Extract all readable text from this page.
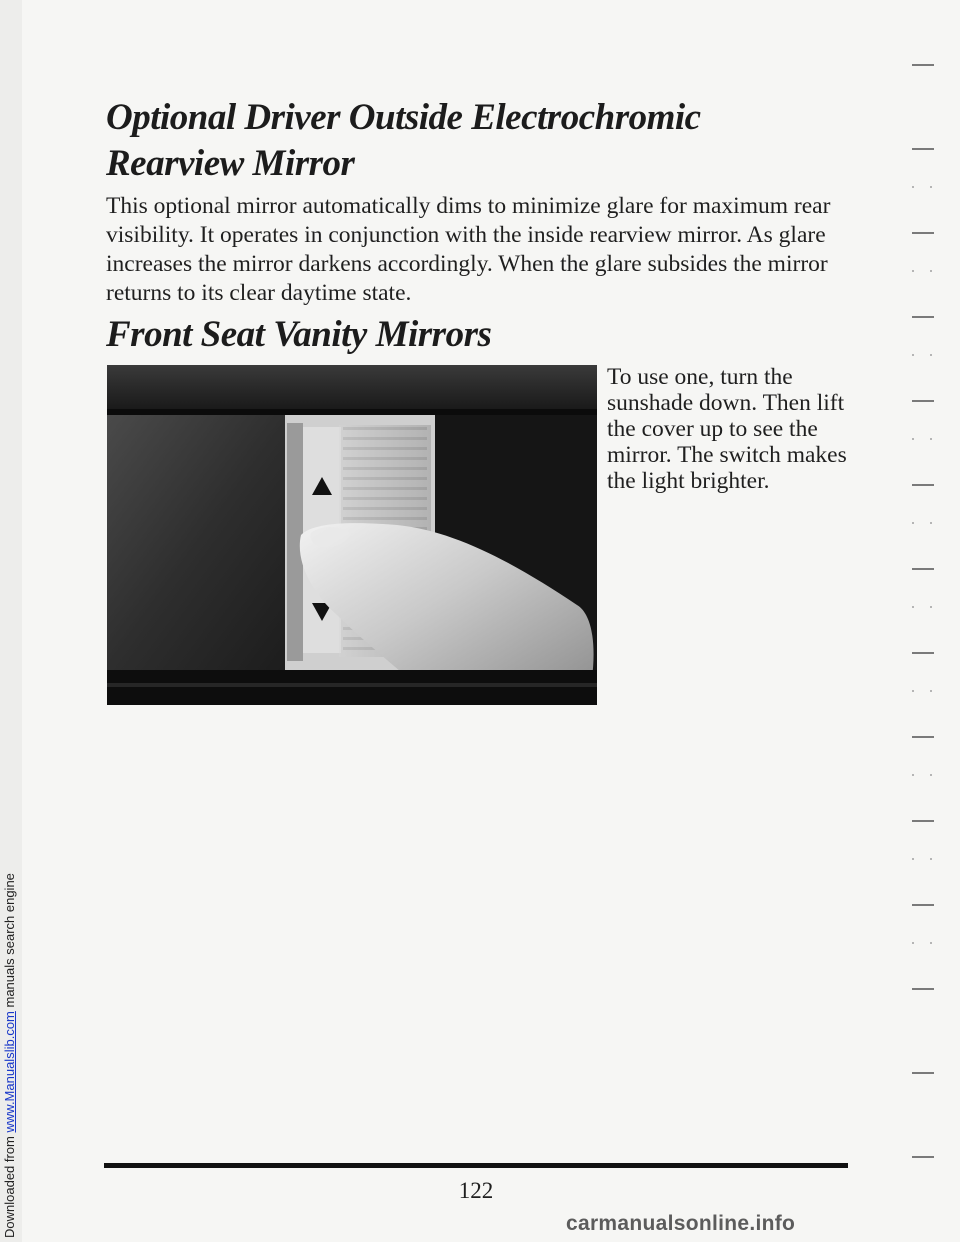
Downloaded from www.Manualslib.com manuals search engine
Optional Driver Outside Electrochromic
Rearview Mirror

This optional mirror automatically dims to minimize glare for maximum rear visibility. It operates in conjunction with the inside rearview mirror. As glare increases the mirror darkens accordingly. When the glare subsides the mirror returns to its clear daytime state.

Front Seat Vanity Mirrors

To use one, turn the sunshade down. Then lift the cover up to see the mirror. The switch makes the light brighter.

122
carmanualsonline.info
